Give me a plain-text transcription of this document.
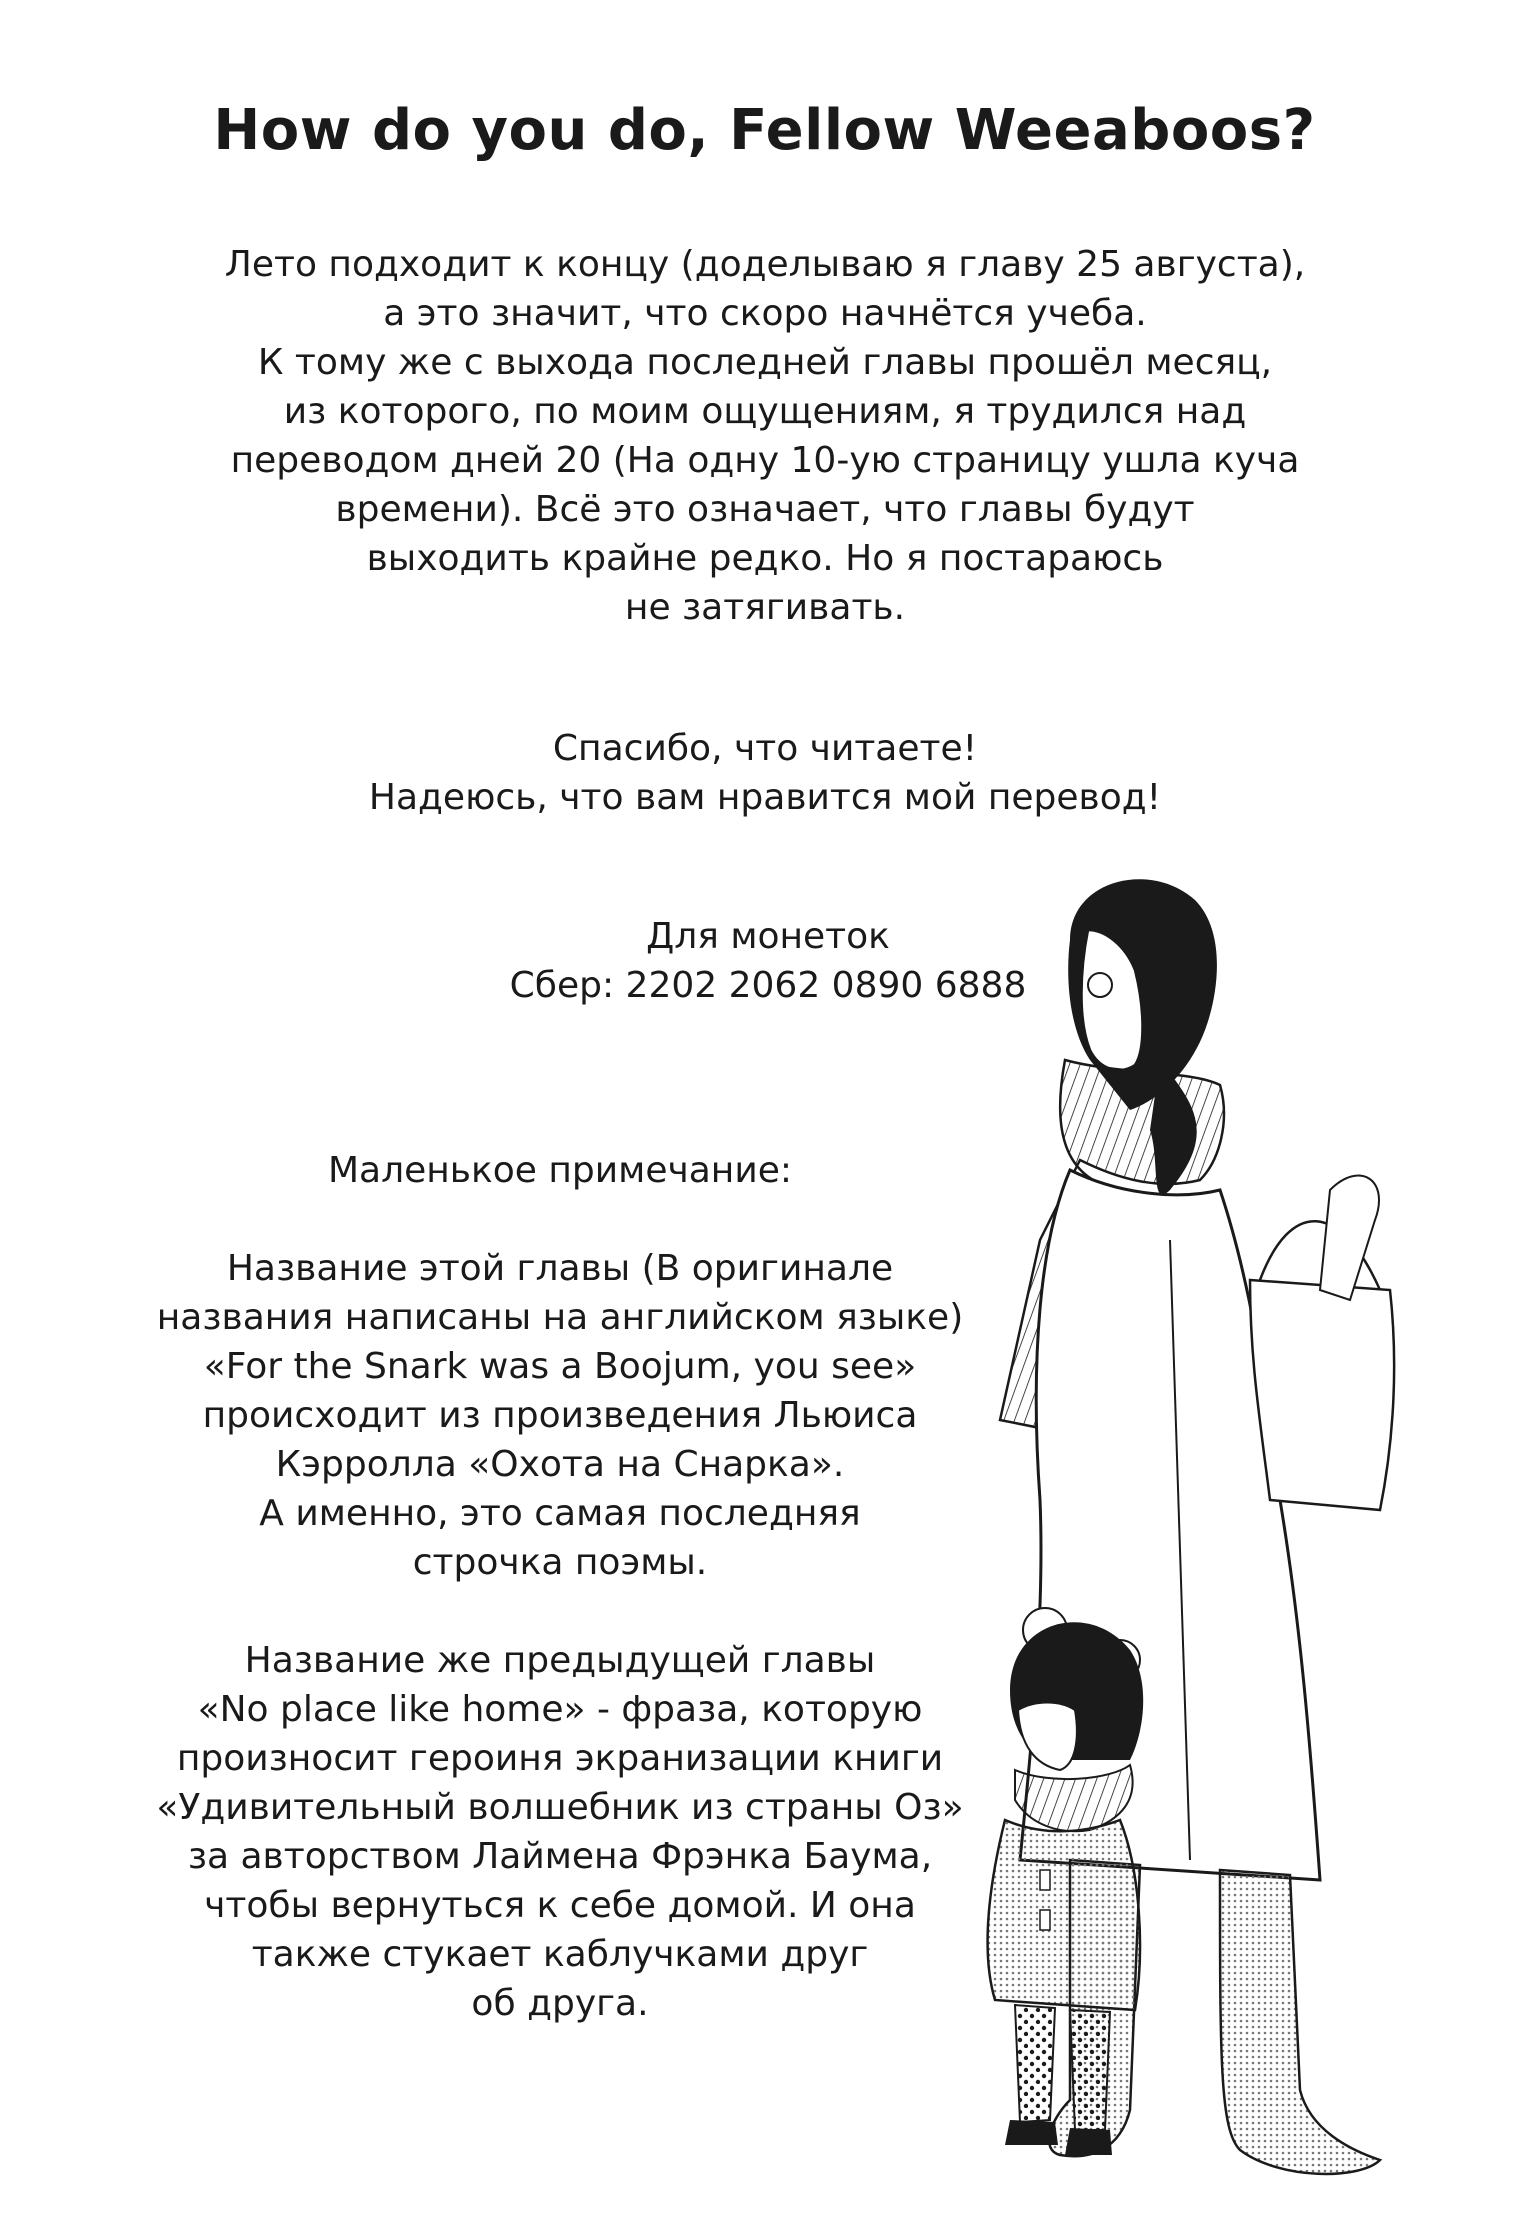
How do you do, Fellow Weeaboos?
Лето подходит к концу (доделываю я главу 25 августа),
а это значит, что скоро начнётся учеба.
К тому же с выхода последней главы прошёл месяц,
из которого, по моим ощущениям, я трудился над
переводом дней 20 (На одну 10-ую страницу ушла куча
времени). Всё это означает, что главы будут
выходить крайне редко. Но я постараюсь
не затягивать.
Спасибо, что читаете!
Надеюсь, что вам нравится мой перевод!
Для монеток
Сбер: 2202 2062 0890 6888
Маленькое примечание:
Название этой главы (В оригинале
названия написаны на английском языке)
«For the Snark was a Boojum, you see»
происходит из произведения Льюиса
Кэрролла «Охота на Снарка».
А именно, это самая последняя
строчка поэмы.
Название же предыдущей главы
«No place like home» - фраза, которую
произносит героиня экранизации книги
«Удивительный волшебник из страны Оз»
за авторством Лаймена Фрэнка Баума,
чтобы вернуться к себе домой. И она
также стукает каблучками друг
об друга.
